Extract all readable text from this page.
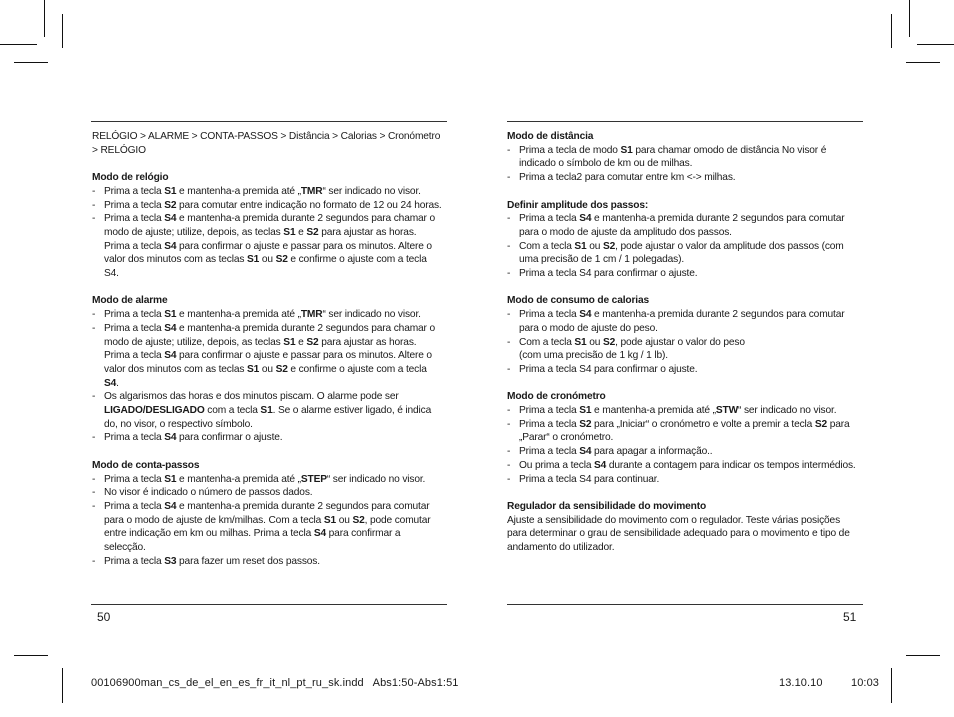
RELÓGIO > ALARME > CONTA-PASSOS > Distância > Calorias > Cronómetro > RELÓGIO

Modo de relógio

- Prima a tecla S1 e mantenha-a premida até „TMR“ ser indicado no visor.
- Prima a tecla S2 para comutar entre indicação no formato de 12 ou 24 horas.

- Prima a tecla S4 e mantenha-a premida durante 2 segundos para chamar o modo de ajuste; utilize, depois, as teclas S1 e S2 para ajustar as horas.

Prima a tecla S4 para confirmar o ajuste e passar para os minutos. Altere o valor dos minutos com as teclas S1 ou S2 e confirme o ajuste com a tecla S4.

Modo de alarme

- Prima a tecla S1 e mantenha-a premida até „TMR“ ser indicado no visor.

- Prima a tecla S4 e mantenha-a premida durante 2 segundos para chamar o modo de ajuste; utilize, depois, as teclas S1 e S2 para ajustar as horas.

Prima a tecla S4 para confirmar o ajuste e passar para os minutos. Altere o valor dos minutos com as teclas S1 ou S2 e confirme o ajuste com a tecla S4.

- Os algarismos das horas e dos minutos piscam. O alarme pode ser LIGADO/DESLIGADO com a tecla S1. Se o alarme estiver ligado, é indica do, no visor, o respectivo símbolo.
- Prima a tecla S4 para confirmar o ajuste.

Modo de conta-passos

- Prima a tecla S1 e mantenha-a premida até „STEP“ ser indicado no visor.
- No visor é indicado o número de passos dados.
- Prima a tecla S4 e mantenha-a premida durante 2 segundos para comutar para o modo de ajuste de km/milhas. Com a tecla S1 ou S2, pode comutar entre indicação em km ou milhas. Prima a tecla S4 para confirmar a selecção.
- Prima a tecla S3 para fazer um reset dos passos.

Modo de distância

- Prima a tecla de modo S1 para chamar omodo de distância No visor é indicado o símbolo de km ou de milhas.
- Prima a tecla2 para comutar entre km <-> milhas.

Definir amplitude dos passos:

- Prima a tecla S4 e mantenha-a premida durante 2 segundos para comutar para o modo de ajuste da amplitudo dos passos.
- Com a tecla S1 ou S2, pode ajustar o valor da amplitude dos passos (com uma precisão de 1 cm / 1 polegadas).
- Prima a tecla S4 para confirmar o ajuste.

Modo de consumo de calorias

- Prima a tecla S4 e mantenha-a premida durante 2 segundos para comutar para o modo de ajuste do peso.

- Com a tecla S1 ou S2, pode ajustar o valor do peso

(com uma precisão de 1 kg / 1 lb).

- Prima a tecla S4 para confirmar o ajuste.

Modo de cronómetro

- Prima a tecla S1 e mantenha-a premida até „STW“ ser indicado no visor.
- Prima a tecla S2 para „Iniciar“ o cronómetro e volte a premir a tecla S2 para „Parar“ o cronómetro.
- Prima a tecla S4 para apagar a informação..
- Ou prima a tecla S4 durante a contagem para indicar os tempos intermédios.
- Prima a tecla S4 para continuar.

Regulador da sensibilidade do movimento

Ajuste a sensibilidade do movimento com o regulador. Teste várias posições para determinar o grau de sensibilidade adequado para o movimento e tipo de andamento do utilizador.

50	51
00106900man_cs_de_el_en_es_fr_it_nl_pt_ru_sk.indd   Abs1:50-Abs1:51	13.10.10	10:03
